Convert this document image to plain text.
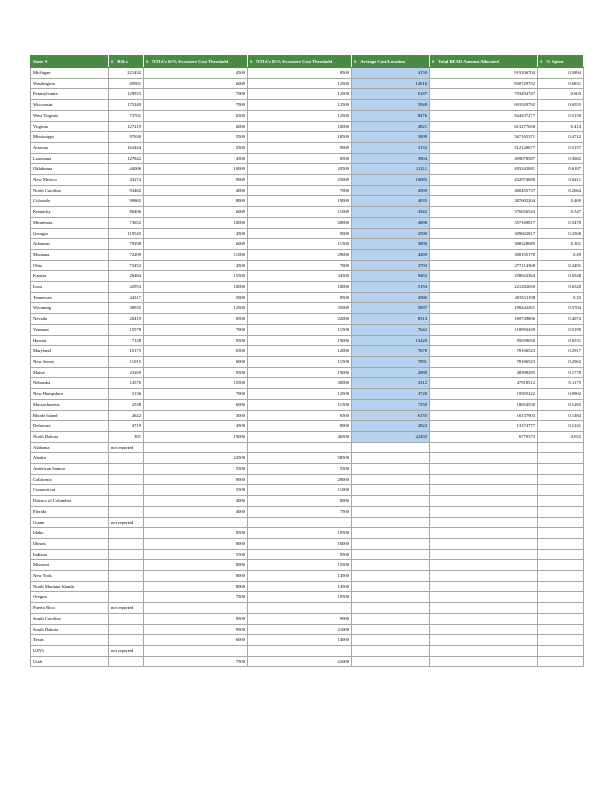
State ▾	# BSLs	# NTIA's 65% Excessive Cost Threshold	# NTIA's 85% Excessive Cost Threshold	# Average Cost/Location	# Total BEAD Amount Allocated	# % Spent
Michigan	221432	4500	8500	4150	919106704	0.5894
Washington	69901	6000	12500	12016	830729752	0.6831
Pennsylvania	129933	7000	12500	6187	793494747	0.603
Wisconsin	175249	7000	12500	3948	691929792	0.6555
West Virginia	73701	6500	12500	8476	624437277	0.5139
Virginia	127219	6000	10000	4821	613277658	0.414
Mississippi	97630	5500	10500	5809	567165371	0.4712
Arizona	163444	5500	9000	3133	512128677	0.5157
Louisiana	127842	4500	8500	3904	499078587	0.3682
Oklahoma	44006	10000	20500	11211	493345081	0.6187
New Mexico	43274	9000	25000	10085	432974690	0.6411
North Carolina	93482	4000	7000	4569	400455737	0.2664
Colorado	99865	8000	19000	4035	387602204	0.469
Kentucky	86406	6000	11000	4342	376026543	0.547
Minnesota	73652	10000	20000	4888	357169817	0.5478
Georgia	119545	4500	9000	2590	309602817	0.2568
Arkansas	79298	6000	11500	3890	308328089	0.301
Montana	72209	11000	29000	4269	308195178	0.49
Ohio	73452	4500	7000	3793	277114368	0.3491
Kansas	26484	15500	34500	9463	258622364	0.5548
Iowa	42953	10000	18000	5154	221282650	0.6528
Tennessee	44317	5000	8500	4586	203511198	0.25
Wyoming	38935	12500	35000	5097	198442261	0.5704
Nevada	20419	8500	22000	8313	169749806	0.4074
Vermont	15578	7000	11500	7642	118993439	0.5199
Hawaii	7128	9500	19000	13420	95659050	0.6531
Maryland	10173	6500	12000	7678	78106523	0.2917
New Jersey	11015	6000	11500	7091	78106523	0.2962
Maine	23269	9500	19000	2080	48398285	0.1778
Nebraska	14576	15500	30000	3312	47918512	0.1175
New Hampshire	5136	7000	12500	3720	19505222	0.0902
Massachusetts	2538	6000	11500	7350	18654550	0.1265
Rhode Island	2622	3000	6500	6155	16137903	0.1484
Delaware	4719	4500	8000	2822	13374777	0.1241
North Dakota	301	19000	46500	22492	6770373	0.052
Alabama	not reported					
Alaska		22500	58500			
American Samoa		5500	5500			
California		9000	20000			
Connecticut		5500	11000			
District of Columbia		4000	8000			
Florida		4000	7500			
Guam	not reported					
Idaho		8500	19500			
Illinois		8000	16000			
Indiana		5500	9500			
Missouri		8000	15500			
New York		8000	14500			
North Mariana Islands		8000	14500			
Oregon		7500	19500			
Puerto Rico	not reported					
South Carolina		9500	9000			
South Dakota		9500	21000			
Texas		6000	14000			
USVI	not reported					
Utah		7500	22000			
